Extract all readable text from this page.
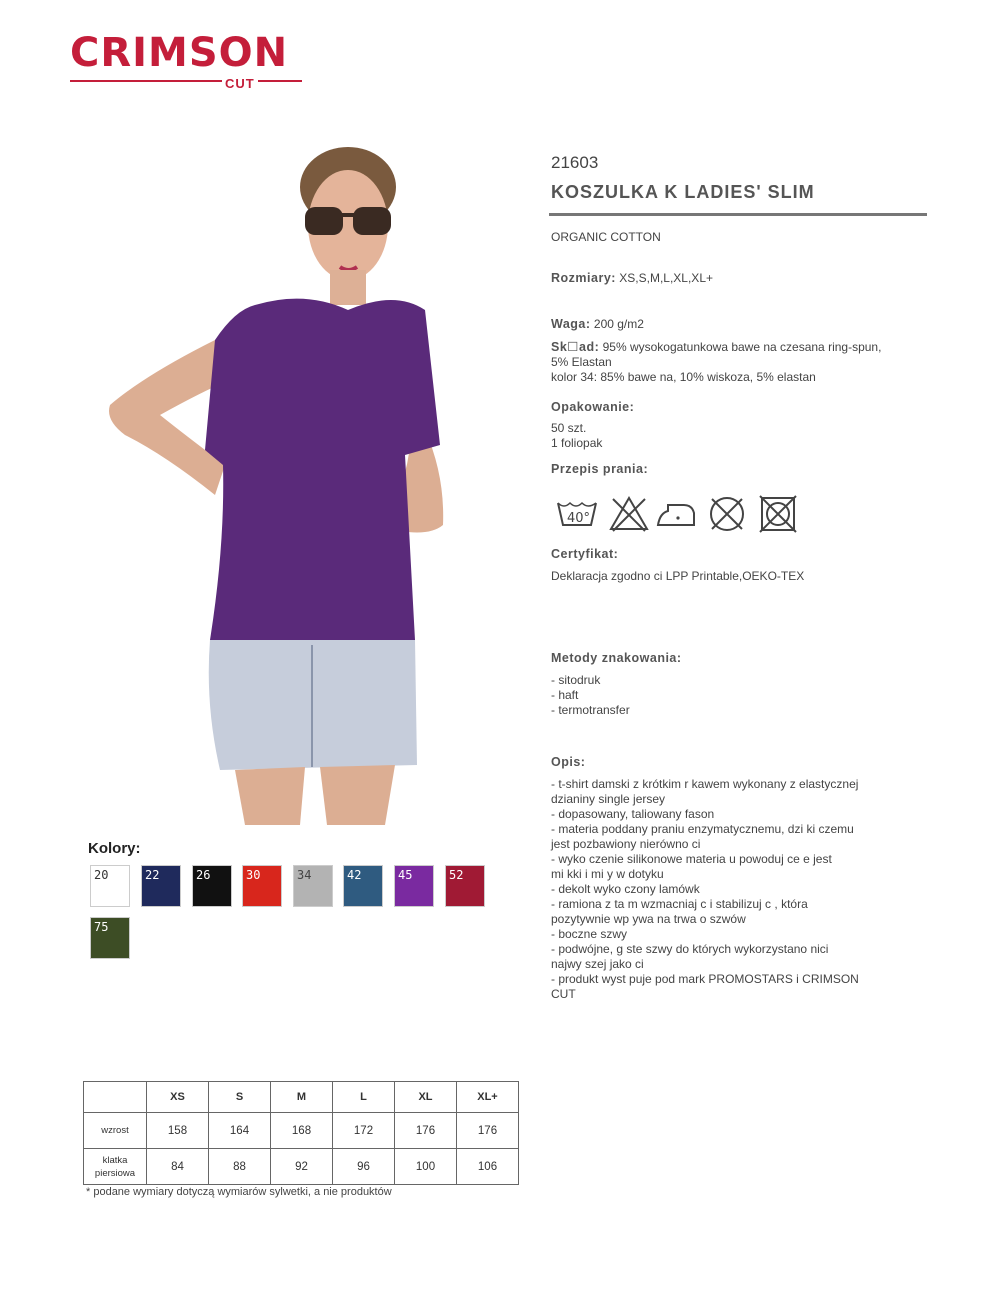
CRIMSON
CUT
21603
KOSZULKA K LADIES' SLIM
ORGANIC COTTON
Rozmiary: XS,S,M,L,XL,XL+
Waga: 200 g/m2
Sk☐ad: 95% wysokogatunkowa bawe na czesana ring-spun,
5% Elastan
kolor 34: 85% bawe na, 10% wiskoza, 5% elastan
Opakowanie:
50 szt.
1 foliopak
Przepis prania:
40°
Certyfikat:
Deklaracja zgodno ci LPP Printable,OEKO-TEX
Metody znakowania:
- sitodruk
- haft
- termotransfer
Opis:
- t-shirt damski z krótkim r kawem wykonany z elastycznej
dzianiny single jersey
- dopasowany, taliowany fason
- materia poddany praniu enzymatycznemu, dzi ki czemu
jest pozbawiony nierówno ci
- wyko czenie silikonowe materia u powoduj ce e jest
mi kki i mi y w dotyku
- dekolt wyko czony lamówk
- ramiona z ta m wzmacniaj c i stabilizuj c , która
pozytywnie wp ywa na trwa o szwów
- boczne szwy
- podwójne, g ste szwy do których wykorzystano nici
najwy szej jako ci
- produkt wyst puje pod mark PROMOSTARS i CRIMSON
CUT
Kolory:
20	22	26	30	34	42	45	52
75
	XS	S	M	L	XL	XL+
wzrost	158	164	168	172	176	176
klatka piersiowa	84	88	92	96	100	106
* podane wymiary dotyczą wymiarów sylwetki, a nie produktów
